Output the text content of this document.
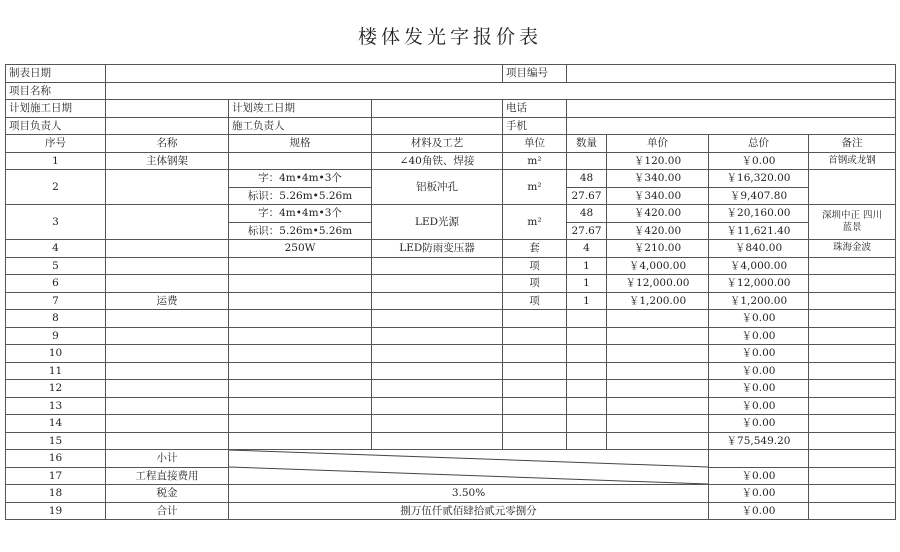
楼体发光字报价表
制表日期				项目编号				
项目名称								
计划施工日期		计划竣工日期		电话				
项目负责人		施工负责人		手机				
序号	名称	规格	材料及工艺	单位	数量	单价	总价	备注
1	主体钢架		∠40角铁、焊接	m²		￥120.00	￥0.00	首钢或龙钢
2		字：4m•4m•3个	铝板冲孔	m²	48	￥340.00	￥16,320.00	
		标识：5.26m•5.26m			27.67	￥340.00	￥9,407.80	
3		字：4m•4m•3个	LED光源	m²	48	￥420.00	￥20,160.00	深圳中正 四川蓝景
		标识：5.26m•5.26m			27.67	￥420.00	￥11,621.40	
4		250W	LED防雨变压器	套	4	￥210.00	￥840.00	珠海金波
5				项	1	￥4,000.00	￥4,000.00	
6				项	1	￥12,000.00	￥12,000.00	
7	运费			项	1	￥1,200.00	￥1,200.00	
8							￥0.00	
9							￥0.00	
10							￥0.00	
11							￥0.00	
12							￥0.00	
13							￥0.00	
14							￥0.00	
15							￥75,549.20	
16	小计	

17	工程直接费用						￥0.00	
18	税金	3.50%					￥0.00	
19	合计	捌万伍仟贰佰肆拾贰元零捌分					￥0.00	
